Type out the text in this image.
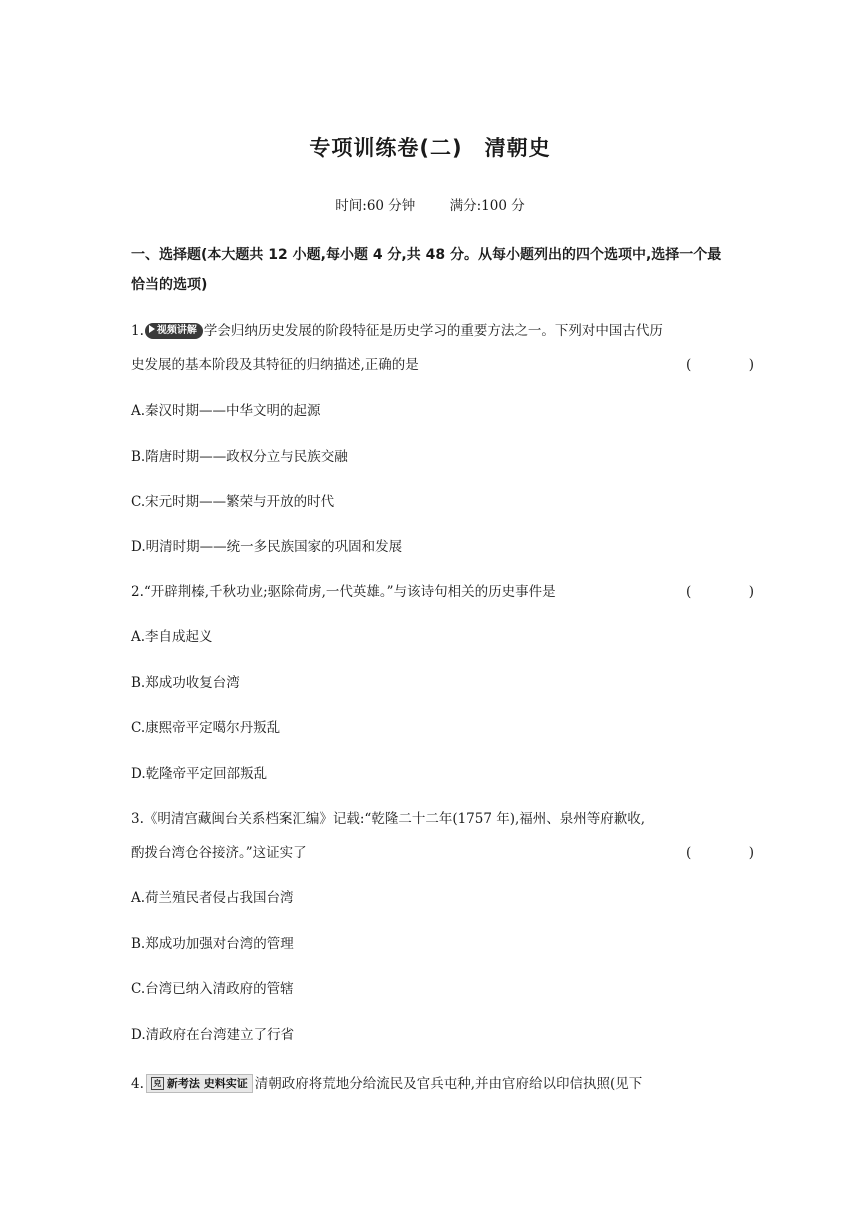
专项训练卷(二)　清朝史
时间:60 分钟	满分:100 分
一、选择题(本大题共 12 小题,每小题 4 分,共 48 分。从每小题列出的四个选项中,选择一个最恰当的选项)
1. 视频讲解 学会归纳历史发展的阶段特征是历史学习的重要方法之一。下列对中国古代历
史发展的基本阶段及其特征的归纳描述,正确的是	(　)
A.秦汉时期——中华文明的起源
B.隋唐时期——政权分立与民族交融
C.宋元时期——繁荣与开放的时代
D.明清时期——统一多民族国家的巩固和发展
2.“开辟荆榛,千秋功业;驱除荷虏,一代英雄。”与该诗句相关的历史事件是	(　)
A.李自成起义
B.郑成功收复台湾
C.康熙帝平定噶尔丹叛乱
D.乾隆帝平定回部叛乱
3.《明清宫藏闽台关系档案汇编》记载:“乾隆二十二年(1757 年),福州、泉州等府歉收,
酌拨台湾仓谷接济。”这证实了	(　)
A.荷兰殖民者侵占我国台湾
B.郑成功加强对台湾的管理
C.台湾已纳入清政府的管辖
D.清政府在台湾建立了行省
4. 皃 新考法 史料实证 清朝政府将荒地分给流民及官兵屯种,并由官府给以印信执照(见下
